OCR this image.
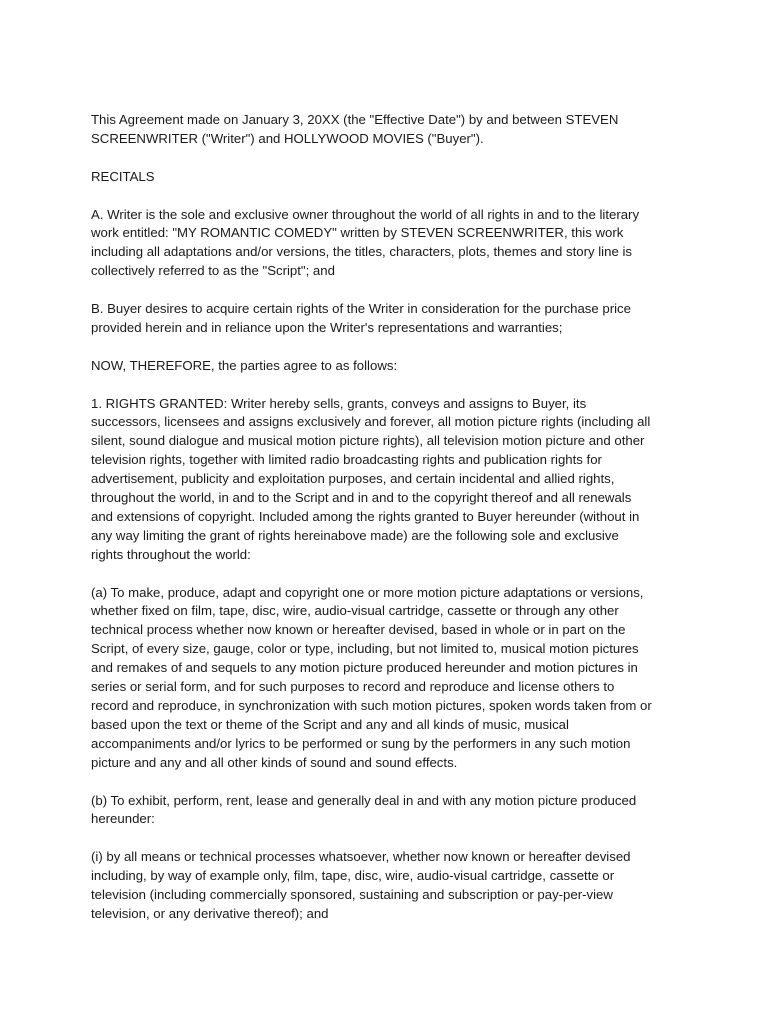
This Agreement made on January 3, 20XX (the "Effective Date") by and between STEVEN
SCREENWRITER ("Writer") and HOLLYWOOD MOVIES ("Buyer").

RECITALS

A. Writer is the sole and exclusive owner throughout the world of all rights in and to the literary
work entitled: "MY ROMANTIC COMEDY" written by STEVEN SCREENWRITER, this work
including all adaptations and/or versions, the titles, characters, plots, themes and story line is
collectively referred to as the "Script"; and

B. Buyer desires to acquire certain rights of the Writer in consideration for the purchase price
provided herein and in reliance upon the Writer's representations and warranties;

NOW, THEREFORE, the parties agree to as follows:

1. RIGHTS GRANTED: Writer hereby sells, grants, conveys and assigns to Buyer, its
successors, licensees and assigns exclusively and forever, all motion picture rights (including all
silent, sound dialogue and musical motion picture rights), all television motion picture and other
television rights, together with limited radio broadcasting rights and publication rights for
advertisement, publicity and exploitation purposes, and certain incidental and allied rights,
throughout the world, in and to the Script and in and to the copyright thereof and all renewals
and extensions of copyright. Included among the rights granted to Buyer hereunder (without in
any way limiting the grant of rights hereinabove made) are the following sole and exclusive
rights throughout the world:

(a) To make, produce, adapt and copyright one or more motion picture adaptations or versions,
whether fixed on film, tape, disc, wire, audio-visual cartridge, cassette or through any other
technical process whether now known or hereafter devised, based in whole or in part on the
Script, of every size, gauge, color or type, including, but not limited to, musical motion pictures
and remakes of and sequels to any motion picture produced hereunder and motion pictures in
series or serial form, and for such purposes to record and reproduce and license others to
record and reproduce, in synchronization with such motion pictures, spoken words taken from or
based upon the text or theme of the Script and any and all kinds of music, musical
accompaniments and/or lyrics to be performed or sung by the performers in any such motion
picture and any and all other kinds of sound and sound effects.

(b) To exhibit, perform, rent, lease and generally deal in and with any motion picture produced
hereunder:

(i) by all means or technical processes whatsoever, whether now known or hereafter devised
including, by way of example only, film, tape, disc, wire, audio-visual cartridge, cassette or
television (including commercially sponsored, sustaining and subscription or pay-per-view
television, or any derivative thereof); and
